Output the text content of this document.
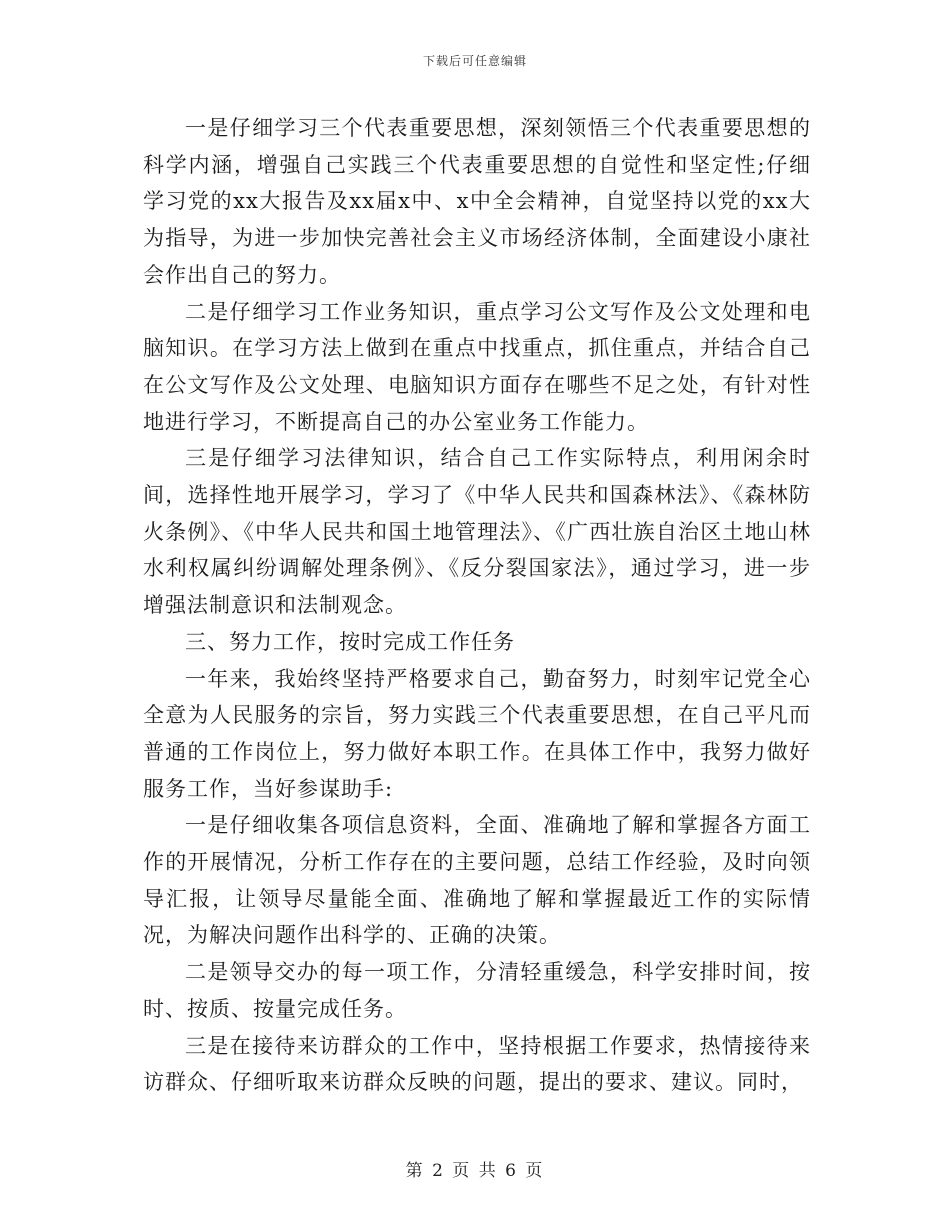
下载后可任意编辑

一是仔细学习三个代表重要思想，深刻领悟三个代表重要思想的科学内涵，增强自己实践三个代表重要思想的自觉性和坚定性;仔细学习党的xx大报告及xx届x中、x中全会精神，自觉坚持以党的xx大为指导，为进一步加快完善社会主义市场经济体制，全面建设小康社会作出自己的努力。

二是仔细学习工作业务知识，重点学习公文写作及公文处理和电脑知识。在学习方法上做到在重点中找重点，抓住重点，并结合自己在公文写作及公文处理、电脑知识方面存在哪些不足之处，有针对性地进行学习，不断提高自己的办公室业务工作能力。

三是仔细学习法律知识，结合自己工作实际特点，利用闲余时间，选择性地开展学习，学习了《中华人民共和国森林法》、《森林防火条例》、《中华人民共和国土地管理法》、《广西壮族自治区土地山林水利权属纠纷调解处理条例》、《反分裂国家法》，通过学习，进一步增强法制意识和法制观念。

三、努力工作，按时完成工作任务

一年来，我始终坚持严格要求自己，勤奋努力，时刻牢记党全心全意为人民服务的宗旨，努力实践三个代表重要思想，在自己平凡而普通的工作岗位上，努力做好本职工作。在具体工作中，我努力做好服务工作，当好参谋助手:

一是仔细收集各项信息资料，全面、准确地了解和掌握各方面工作的开展情况，分析工作存在的主要问题，总结工作经验，及时向领导汇报，让领导尽量能全面、准确地了解和掌握最近工作的实际情况，为解决问题作出科学的、正确的决策。

二是领导交办的每一项工作，分清轻重缓急，科学安排时间，按时、按质、按量完成任务。

三是在接待来访群众的工作中，坚持根据工作要求，热情接待来访群众、仔细听取来访群众反映的问题，提出的要求、建议。同时，

第 2 页 共 6 页
